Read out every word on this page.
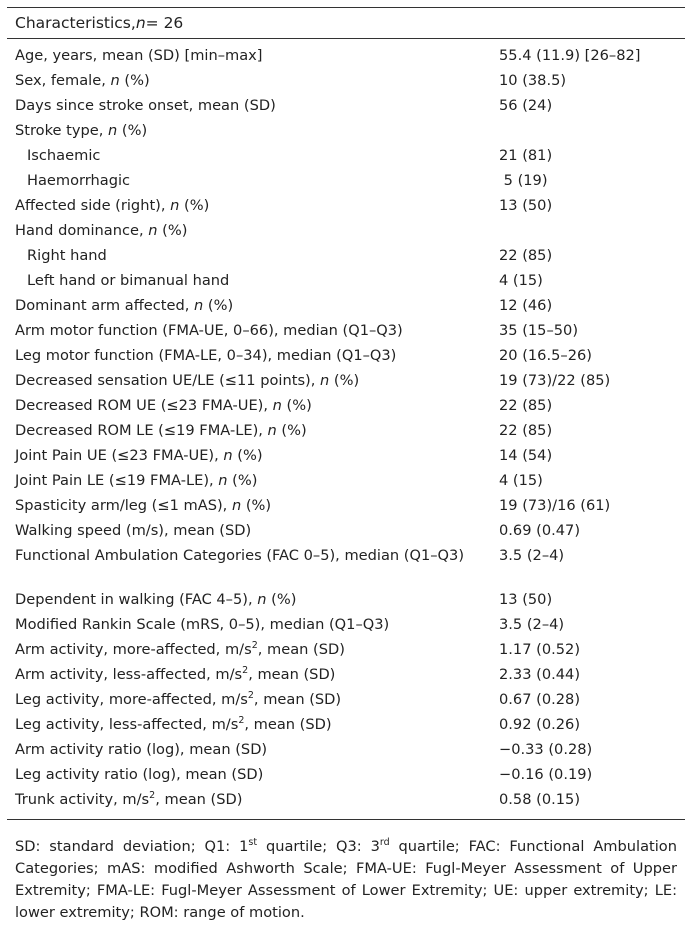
Characteristics, n = 26
Age, years, mean (SD) [min–max]	55.4 (11.9) [26–82]
Sex, female, n (%)	10 (38.5)
Days since stroke onset, mean (SD)	56 (24)
Stroke type, n (%)
Ischaemic	21 (81)
Haemorrhagic	5 (19)
Affected side (right), n (%)	13 (50)
Hand dominance, n (%)
Right hand	22 (85)
Left hand or bimanual hand	4 (15)
Dominant arm affected, n (%)	12 (46)
Arm motor function (FMA-UE, 0–66), median (Q1–Q3)	35 (15–50)
Leg motor function (FMA-LE, 0–34), median (Q1–Q3)	20 (16.5–26)
Decreased sensation UE/LE (≤11 points), n (%)	19 (73)/22 (85)
Decreased ROM UE (≤23 FMA-UE), n (%)	22 (85)
Decreased ROM LE (≤19 FMA-LE), n (%)	22 (85)
Joint Pain UE (≤23 FMA-UE), n (%)	14 (54)
Joint Pain LE (≤19 FMA-LE), n (%)	4 (15)
Spasticity arm/leg (≤1 mAS), n (%)	19 (73)/16 (61)
Walking speed (m/s), mean (SD)	0.69 (0.47)
Functional Ambulation Categories (FAC 0–5), median (Q1–Q3)	3.5 (2–4)
Dependent in walking (FAC 4–5), n (%)	13 (50)
Modified Rankin Scale (mRS, 0–5), median (Q1–Q3)	3.5 (2–4)
Arm activity, more-affected, $m/s^2$, mean (SD)	1.17 (0.52)
Arm activity, less-affected, $m/s^2$, mean (SD)	2.33 (0.44)
Leg activity, more-affected, $m/s^2$, mean (SD)	0.67 (0.28)
Leg activity, less-affected, $m/s^2$, mean (SD)	0.92 (0.26)
Arm activity ratio (log), mean (SD)	−0.33 (0.28)
Leg activity ratio (log), mean (SD)	−0.16 (0.19)
Trunk activity, $m/s^2$, mean (SD)	0.58 (0.15)
SD: standard deviation; Q1: 1st quartile; Q3: 3rd quartile; FAC: Functional Ambulation Categories; mAS: modified Ashworth Scale; FMA-UE: Fugl-Meyer Assessment of Upper Extremity; FMA-LE: Fugl-Meyer Assessment of Lower Extremity; UE: upper extremity; LE: lower extremity; ROM: range of motion.
